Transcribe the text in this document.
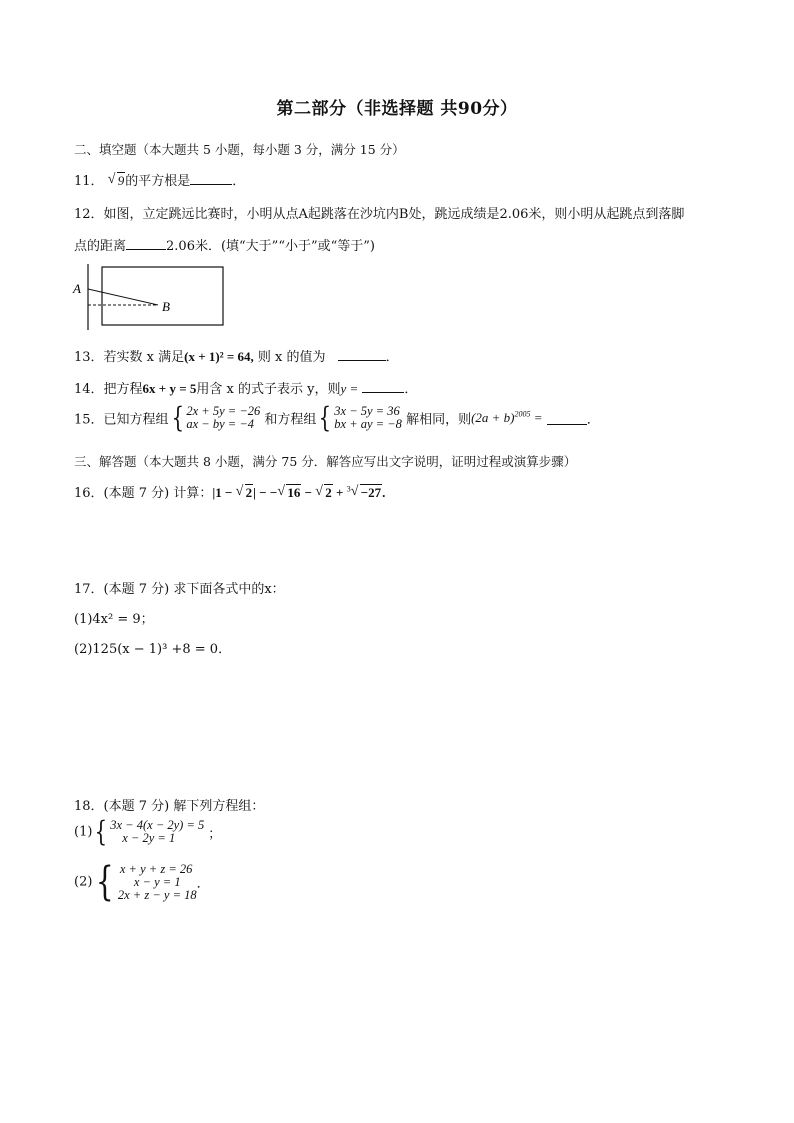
第二部分（非选择题 共90分）
二、填空题（本大题共 5 小题，每小题 3 分，满分 15 分）
11． √ 9的平方根是	．
12．如图，立定跳远比赛时，小明从点A起跳落在沙坑内B处，跳远成绩是2.06米，则小明从起跳点到落脚
点的距离	2.06米．(填“大于”“小于”或“等于”)
A
B
13．若实数 x 满足(x + 1)² = 64, 则 x 的值为	．
14．把方程6x + y = 5用含 x 的式子表示 y，则y =	．
15．已知方程组{ 2x + 5y = −26
ax − by = −4 和方程组{ 3x − 5y = 36
bx + ay = −8 解相同，则$(2a + b)^{2005}$ =	．
三、解答题（本大题共 8 小题，满分 75 分．解答应写出文字说明，证明过程或演算步骤）
16．(本题 7 分) 计算：|1 − √ 2| − − √ 16 − √ 2 + $^3$ √ −27.
17．(本题 7 分) 求下面各式中的x：
(1)4x² = 9；
(2)125(x − 1)³ +8 = 0．
18．(本题 7 分) 解下列方程组：
(1){ 3x − 4(x − 2y) = 5
x − 2y = 1	；
(2){ x + y + z = 26
x − y = 1
2x + z − y = 18
．
